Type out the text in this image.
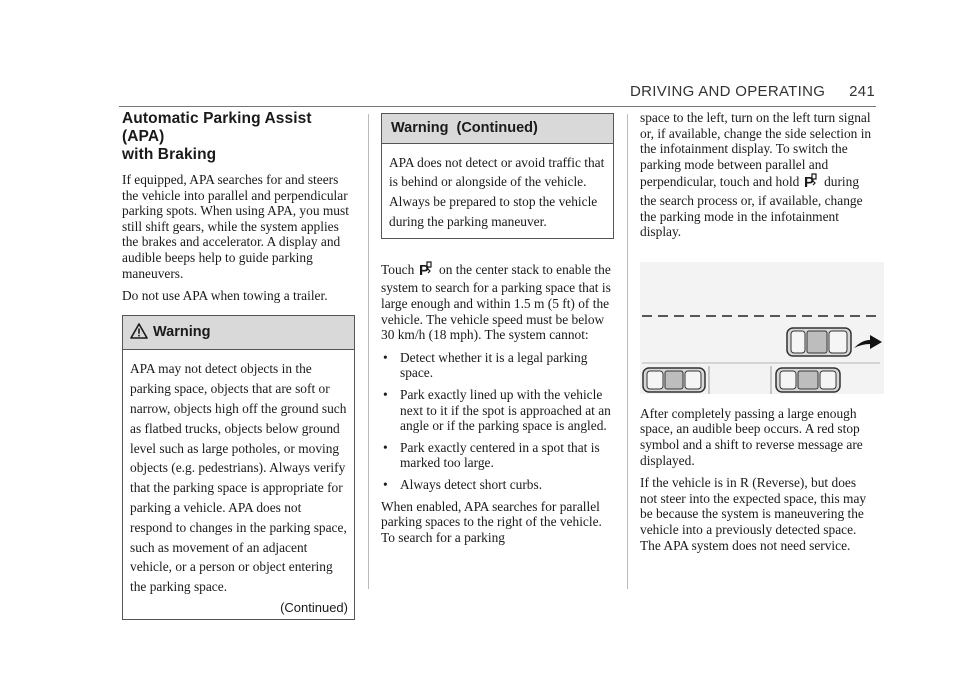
DRIVING AND OPERATING 241
Automatic Parking Assist (APA)
with Braking

If equipped, APA searches for and steers the vehicle into parallel and perpendicular parking spots. When using APA, you must still shift gears, while the system applies the brakes and accelerator. A display and audible beeps help to guide parking maneuvers.

Do not use APA when towing a trailer.

Warning
APA may not detect objects in the parking space, objects that are soft or narrow, objects high off the ground such as flatbed trucks, objects below ground level such as large potholes, or moving objects (e.g. pedestrians). Always verify that the parking space is appropriate for parking a vehicle. APA does not respond to changes in the parking space, such as movement of an adjacent vehicle, or a person or object entering the parking space.
(Continued)
Warning  (Continued)
APA does not detect or avoid traffic that is behind or alongside of the vehicle. Always be prepared to stop the vehicle during the parking maneuver.

Touch P on the center stack to enable the system to search for a parking space that is large enough and within 1.5 m (5 ft) of the vehicle. The vehicle speed must be below 30 km/h (18 mph). The system cannot:

• Detect whether it is a legal parking space.
• Park exactly lined up with the vehicle next to it if the spot is approached at an angle or if the parking space is angled.
• Park exactly centered in a spot that is marked too large.
• Always detect short curbs.

When enabled, APA searches for parallel parking spaces to the right of the vehicle. To search for a parking

space to the left, turn on the left turn signal or, if available, change the side selection in the infotainment display. To switch the parking mode between parallel and perpendicular, touch and hold P during the search process or, if available, change the parking mode in the infotainment display.

After completely passing a large enough space, an audible beep occurs. A red stop symbol and a shift to reverse message are displayed.

If the vehicle is in R (Reverse), but does not steer into the expected space, this may be because the system is maneuvering the vehicle into a previously detected space. The APA system does not need service.
